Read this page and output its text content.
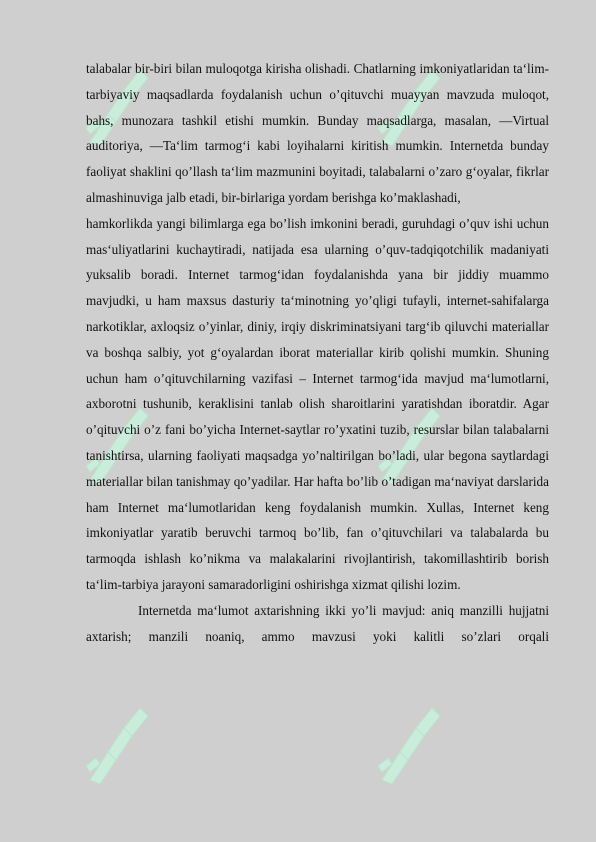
talabalar bir-biri bilan muloqotga kirisha olishadi. Chatlarning imkoniyatlaridan ta‘lim-tarbiyaviy maqsadlarda foydalanish uchun o’qituvchi muayyan mavzuda muloqot, bahs, munozara tashkil etishi mumkin. Bunday maqsadlarga, masalan, ―Virtual auditoriya, ―Ta‘lim tarmog‘i kabi loyihalarni kiritish mumkin. Internetda bunday faoliyat shaklini qo’llash ta‘lim mazmunini boyitadi, talabalarni o’zaro g‘oyalar, fikrlar almashinuviga jalb etadi, bir-birlariga yordam berishga ko’maklashadi,

hamkorlikda yangi bilimlarga ega bo’lish imkonini beradi, guruhdagi o’quv ishi uchun mas‘uliyatlarini kuchaytiradi, natijada esa ularning o’quv-tadqiqotchilik madaniyati yuksalib boradi. Internet tarmog‘idan foydalanishda yana bir jiddiy muammo mavjudki, u ham maxsus dasturiy ta‘minotning yo’qligi tufayli, internet-sahifalarga narkotiklar, axloqsiz o’yinlar, diniy, irqiy diskriminatsiyani targ‘ib qiluvchi materiallar va boshqa salbiy, yot g‘oyalardan iborat materiallar kirib qolishi mumkin. Shuning uchun ham o’qituvchilarning vazifasi – Internet tarmog‘ida mavjud ma‘lumotlarni, axborotni tushunib, keraklisini tanlab olish sharoitlarini yaratishdan iboratdir. Agar o’qituvchi o’z fani bo’yicha Internet-saytlar ro’yxatini tuzib, resurslar bilan talabalarni tanishtirsa, ularning faoliyati maqsadga yo’naltirilgan bo’ladi, ular begona saytlardagi materiallar bilan tanishmay qo’yadilar. Har hafta bo’lib o’tadigan ma‘naviyat darslarida ham Internet ma‘lumotlaridan keng foydalanish mumkin. Xullas, Internet keng imkoniyatlar yaratib beruvchi tarmoq bo’lib, fan o’qituvchilari va talabalarda bu tarmoqda ishlash ko’nikma va malakalarini rivojlantirish, takomillashtirib borish ta‘lim-tarbiya jarayoni samaradorligini oshirishga xizmat qilishi lozim.

Internetda ma‘lumot axtarishning ikki yo’li mavjud: aniq manzilli hujjatni axtarish; manzili noaniq, ammo mavzusi yoki kalitli so’zlari orqali
